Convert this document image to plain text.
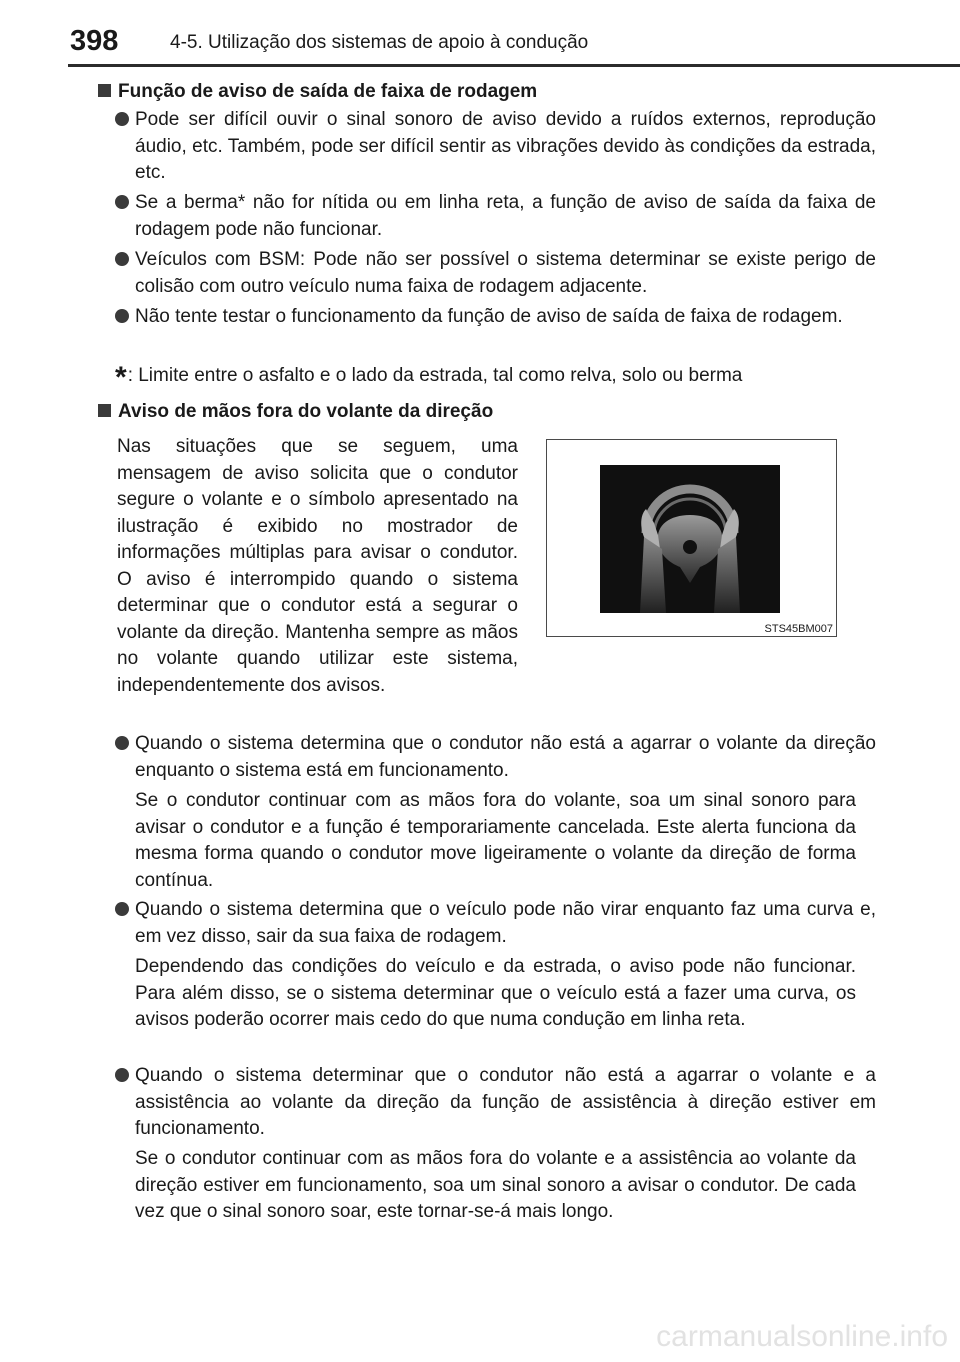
398	4-5. Utilização dos sistemas de apoio à condução
Função de aviso de saída de faixa de rodagem
Pode ser difícil ouvir o sinal sonoro de aviso devido a ruídos externos, reprodução áudio, etc. Também, pode ser difícil sentir as vibrações devido às condições da estrada, etc.
Se a berma* não for nítida ou em linha reta, a função de aviso de saída da faixa de rodagem pode não funcionar.
Veículos com BSM: Pode não ser possível o sistema determinar se existe perigo de colisão com outro veículo numa faixa de rodagem adjacente.
Não tente testar o funcionamento da função de aviso de saída de faixa de rodagem.
*: Limite entre o asfalto e o lado da estrada, tal como relva, solo ou berma
Aviso de mãos fora do volante da direção
Nas situações que se seguem, uma mensagem de aviso solicita que o condutor segure o volante e o símbolo apresentado na ilustração é exibido no mostrador de informações múltiplas para avisar o condutor. O aviso é interrompido quando o sistema determinar que o condutor está a segurar o volante da direção. Mantenha sempre as mãos no volante quando utilizar este sistema, independentemente dos avisos.
STS45BM007
Quando o sistema determina que o condutor não está a agarrar o volante da direção enquanto o sistema está em funcionamento.
Se o condutor continuar com as mãos fora do volante, soa um sinal sonoro para avisar o condutor e a função é temporariamente cancelada. Este alerta funciona da mesma forma quando o condutor move ligeiramente o volante da direção de forma contínua.
Quando o sistema determina que o veículo pode não virar enquanto faz uma curva e, em vez disso, sair da sua faixa de rodagem.
Dependendo das condições do veículo e da estrada, o aviso pode não funcionar. Para além disso, se o sistema determinar que o veículo está a fazer uma curva, os avisos poderão ocorrer mais cedo do que numa condução em linha reta.
Quando o sistema determinar que o condutor não está a agarrar o volante e a assistência ao volante da direção da função de assistência à direção estiver em funcionamento.
Se o condutor continuar com as mãos fora do volante e a assistência ao volante da direção estiver em funcionamento, soa um sinal sonoro a avisar o condutor. De cada vez que o sinal sonoro soar, este tornar-se-á mais longo.
carmanualsonline.info
